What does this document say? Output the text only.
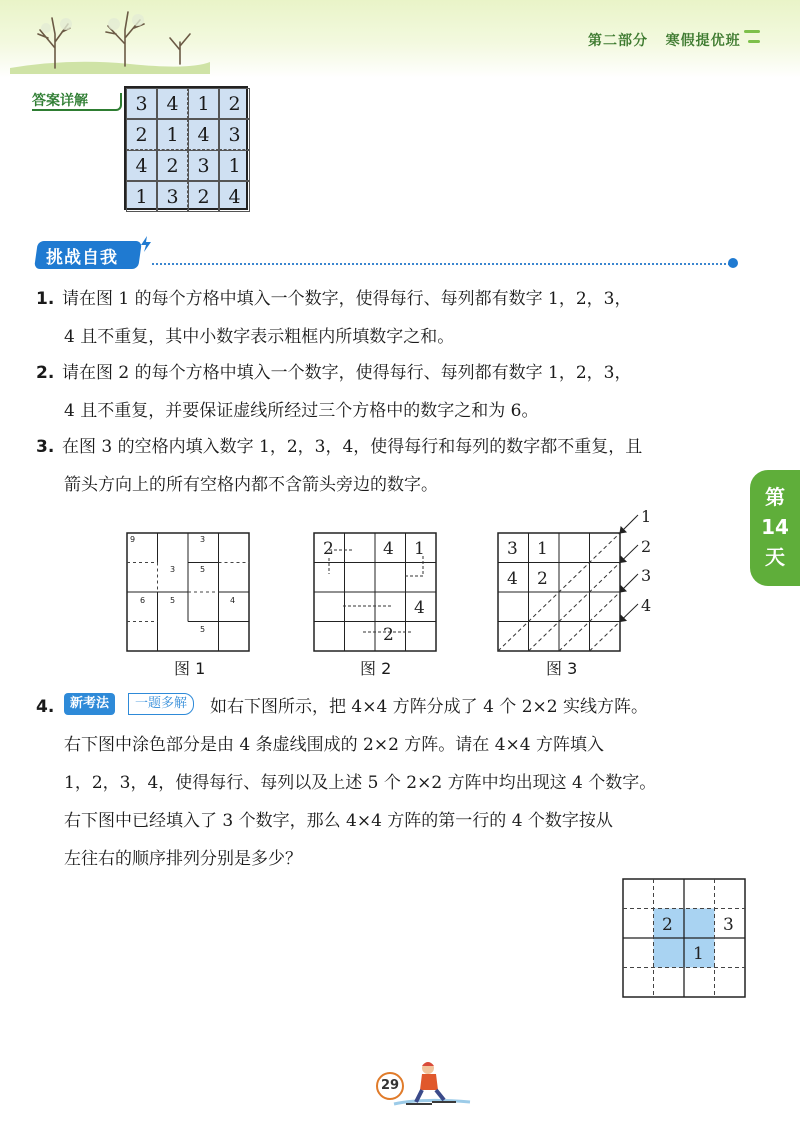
第二部分 寒假提优班
答案详解	3 4 1 2
2 1 4 3
4 2 3 1
1 3 2 4
挑战自我
1. 请在图 1 的每个方格中填入一个数字，使得每行、每列都有数字 1，2，3，
4 且不重复，其中小数字表示粗框内所填数字之和。
2. 请在图 2 的每个方格中填入一个数字，使得每行、每列都有数字 1，2，3，
4 且不重复，并要保证虚线所经过三个方格中的数字之和为 6。
3. 在图 3 的空格内填入数字 1，2，3，4，使得每行和每列的数字都不重复，且
箭头方向上的所有空格内都不含箭头旁边的数字。	第
14
天
9	3
3	5
6	5	4
5
图 1
2	4 1
4
2
图 2
1
2
3
4
3 1
4 2
图 3
4.	如右下图所示，把 4×4 方阵分成了 4 个 2×2 实线方阵。
右下图中涂色部分是由 4 条虚线围成的 2×2 方阵。请在 4×4 方阵填入
1，2，3，4，使得每行、每列以及上述 5 个 2×2 方阵中均出现这 4 个数字。
右下图中已经填入了 3 个数字，那么 4×4 方阵的第一行的 4 个数字按从
左往右的顺序排列分别是多少？
新考法	一题多解
2	3
1
29
